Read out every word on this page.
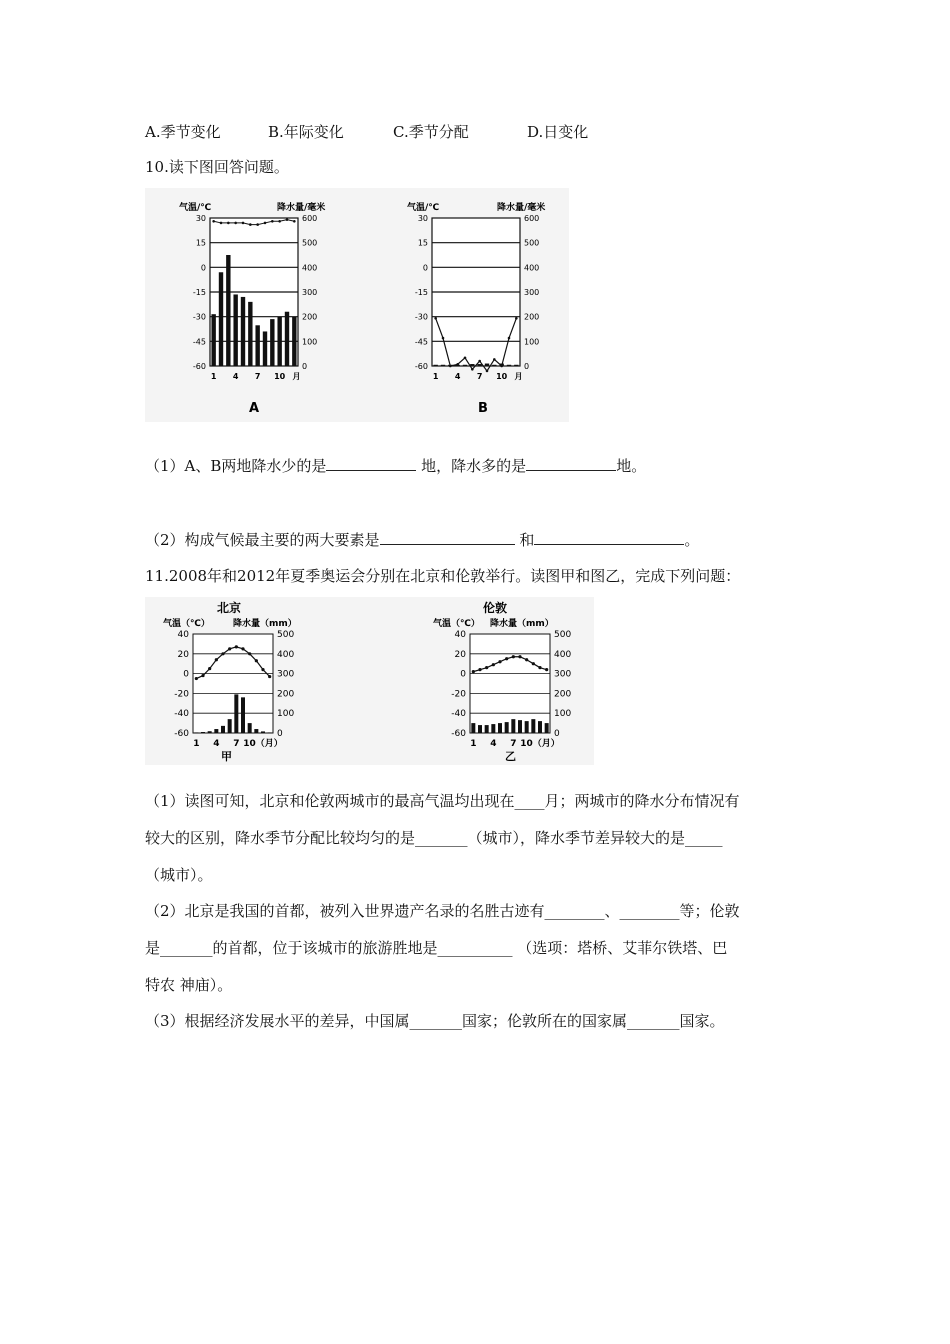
A.季节变化	B.年际变化	C.季节分配	D.日变化
10.读下图回答问题。
气温/℃	降水量/毫米
30
15
0
-15
-30
-45
-60
600
500
400
300
200
100
0
1 4 7 10 月
A
气温/℃	降水量/毫米
30
15
0
-15
-30
-45
-60
600
500
400
300
200
100
0
1 4 7 10 月
B
（1）A、B两地降水少的是	地，降水多的是	地。
（2）构成气候最主要的两大要素是	和	。
11.2008年和2012年夏季奥运会分别在北京和伦敦举行。读图甲和图乙，完成下列问题：
北京
气温（℃）	降水量（mm）
40
20
0
-20
-40
-60
500
400
300
200
100
0
1 4 7 10（月）
甲
伦敦
气温（℃） 降水量（mm）
40
20
0
-20
-40
-60
500
400
300
200
100
0
1 4 7 10（月）
乙
（1）读图可知，北京和伦敦两城市的最高气温均出现在____月；两城市的降水分布情况有
较大的区别，降水季节分配比较均匀的是_______（城市），降水季节差异较大的是_____
（城市）。
（2）北京是我国的首都，被列入世界遗产名录的名胜古迹有________、________等；伦敦
是_______的首都，位于该城市的旅游胜地是__________ （选项：塔桥、艾菲尔铁塔、巴
特农 神庙）。
（3）根据经济发展水平的差异，中国属_______国家；伦敦所在的国家属_______国家。
